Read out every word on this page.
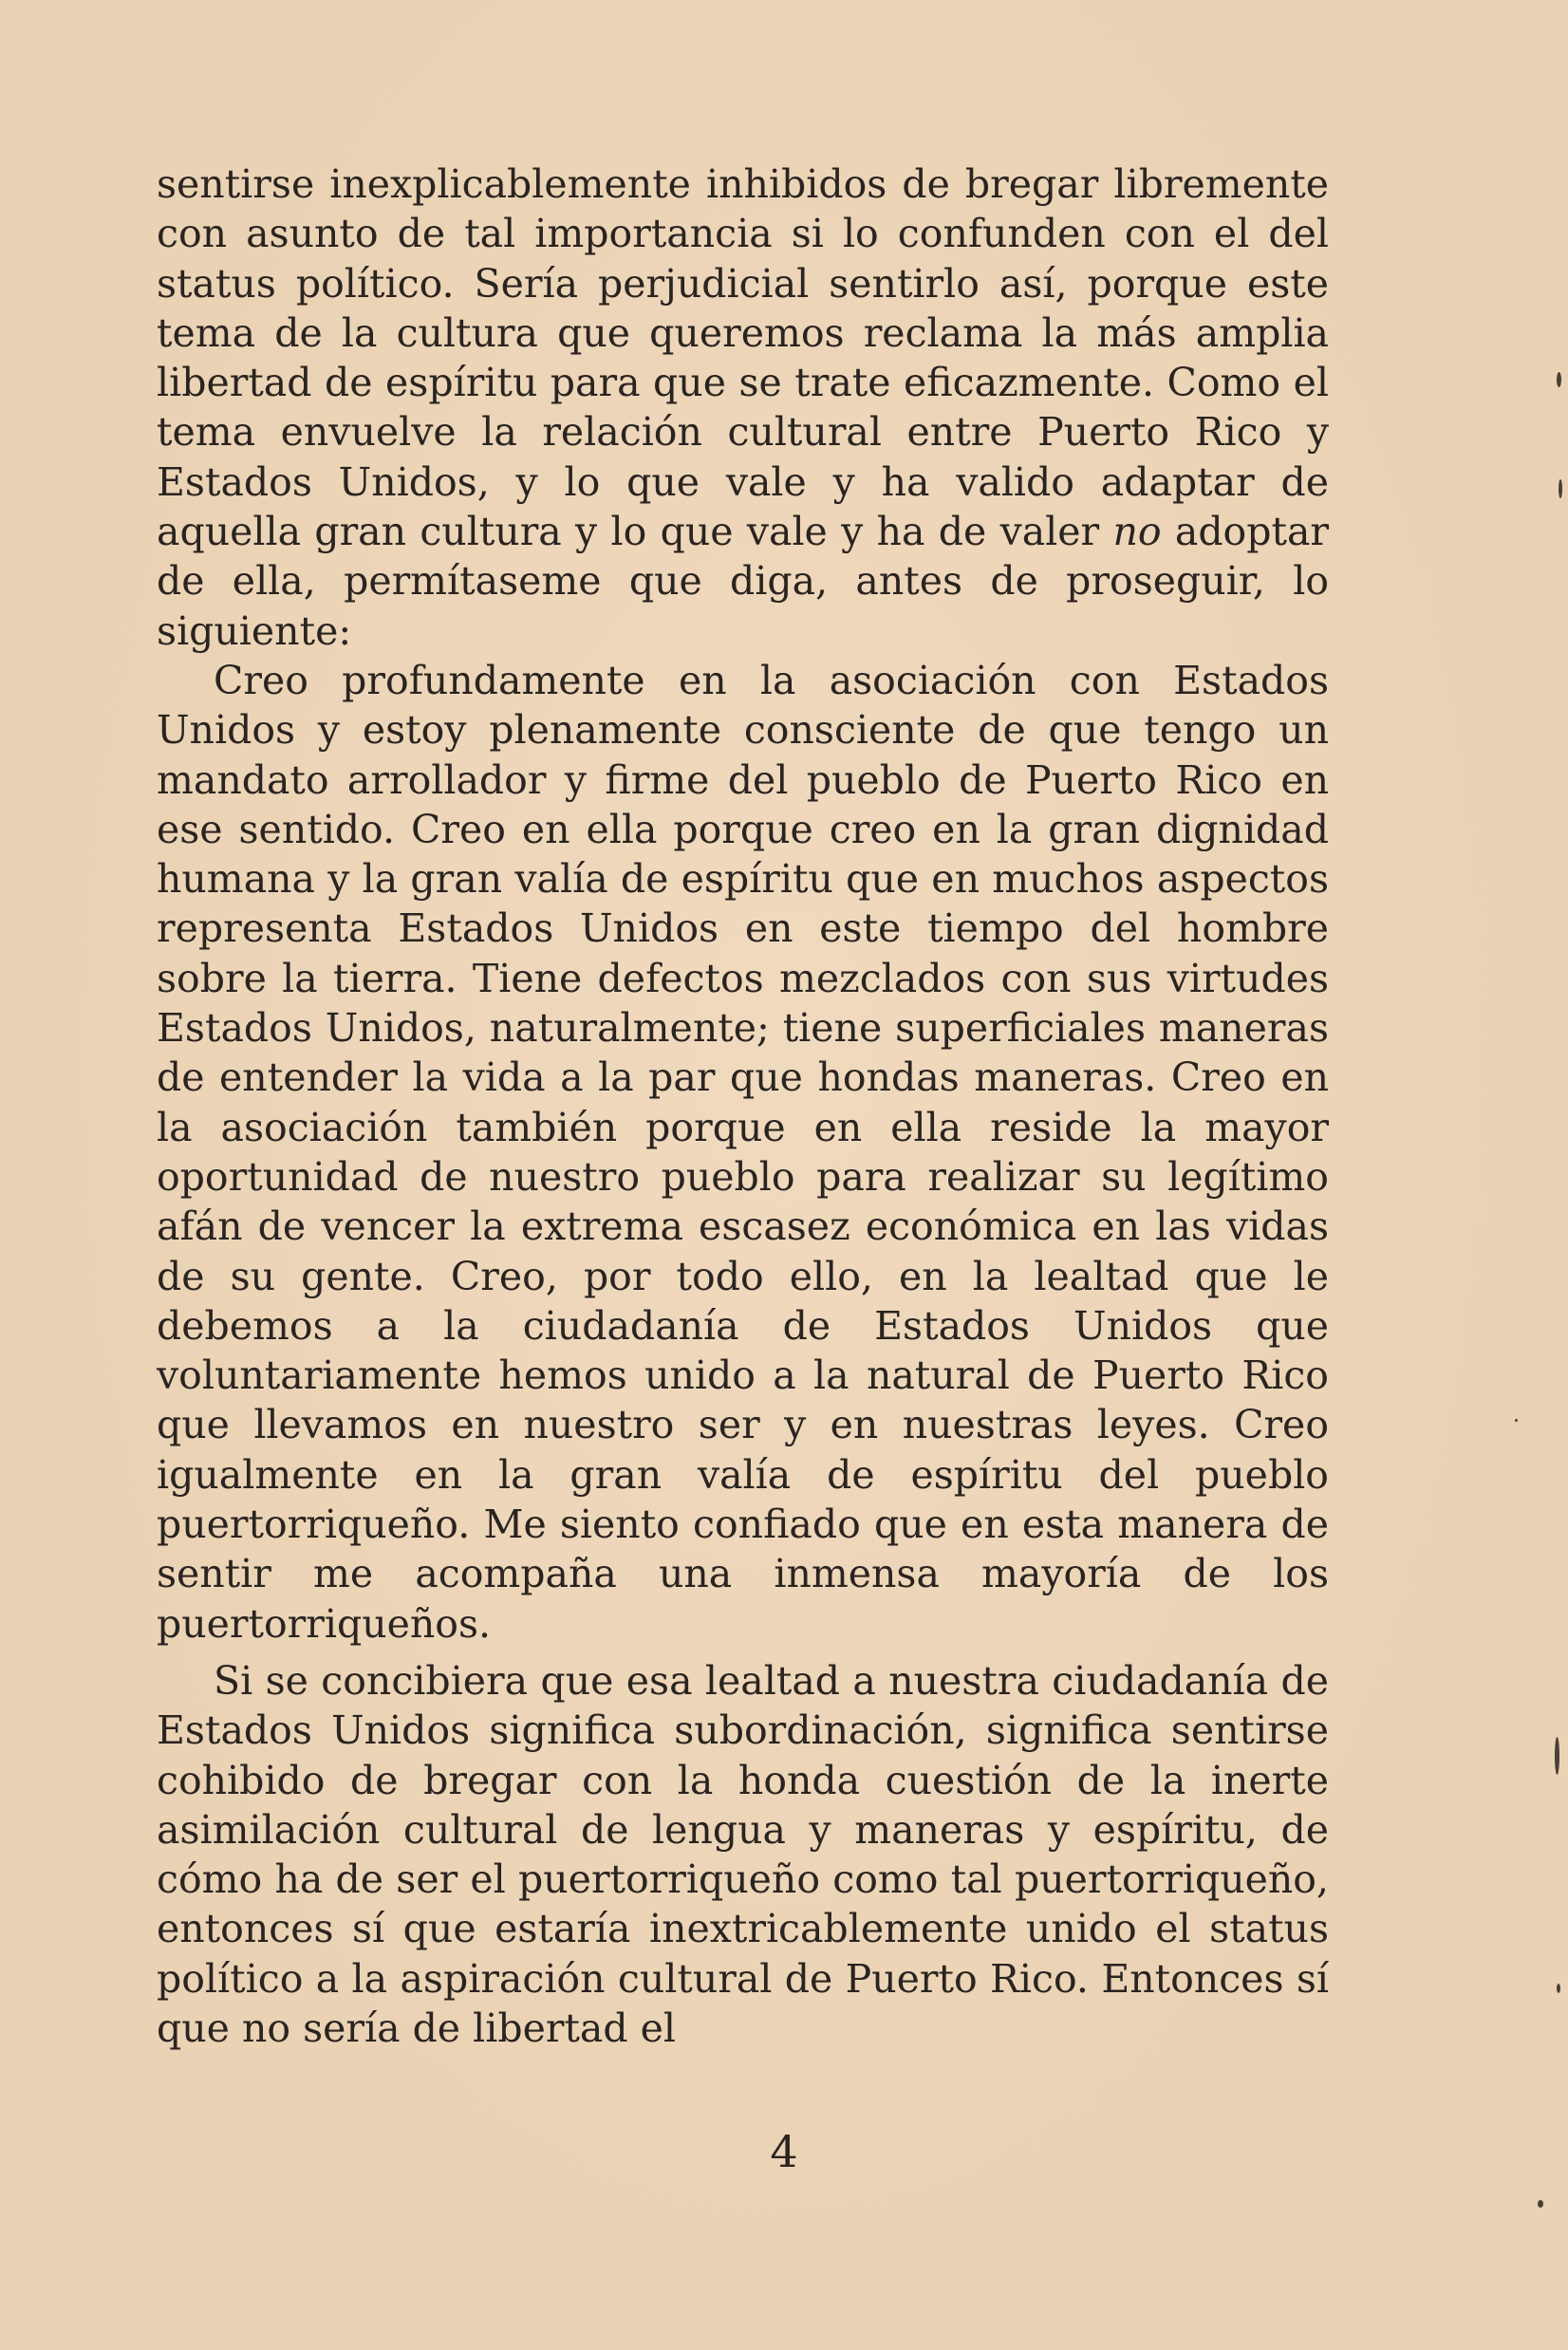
sentirse inexplicablemente inhibidos de bregar libremente con asunto de tal importancia si lo confunden con el del status político. Sería perjudicial sentirlo así, porque este tema de la cultura que queremos reclama la más amplia libertad de espíritu para que se trate eficazmente. Como el tema envuelve la relación cultural entre Puerto Rico y Estados Unidos, y lo que vale y ha valido adaptar de aquella gran cultura y lo que vale y ha de valer no adoptar de ella, permítaseme que diga, antes de proseguir, lo siguiente:

Creo profundamente en la asociación con Estados Unidos y estoy plenamente consciente de que tengo un mandato arrollador y firme del pueblo de Puerto Rico en ese sentido. Creo en ella porque creo en la gran dignidad humana y la gran valía de espíritu que en muchos aspectos representa Estados Unidos en este tiempo del hombre sobre la tierra. Tiene defectos mezclados con sus virtudes Estados Unidos, naturalmente; tiene superficiales maneras de entender la vida a la par que hondas maneras. Creo en la asociación también porque en ella reside la mayor oportunidad de nuestro pueblo para realizar su legítimo afán de vencer la extrema escasez económica en las vidas de su gente. Creo, por todo ello, en la lealtad que le debemos a la ciudadanía de Estados Unidos que voluntariamente hemos unido a la natural de Puerto Rico que llevamos en nuestro ser y en nuestras leyes. Creo igualmente en la gran valía de espíritu del pueblo puertorriqueño. Me siento confiado que en esta manera de sentir me acompaña una inmensa mayoría de los puertorriqueños.

Si se concibiera que esa lealtad a nuestra ciudadanía de Estados Unidos significa subordinación, significa sentirse cohibido de bregar con la honda cuestión de la inerte asimilación cultural de lengua y maneras y espíritu, de cómo ha de ser el puertorriqueño como tal puertorriqueño, entonces sí que estaría inextricablemente unido el status político a la aspiración cultural de Puerto Rico. Entonces sí que no sería de libertad el

4
